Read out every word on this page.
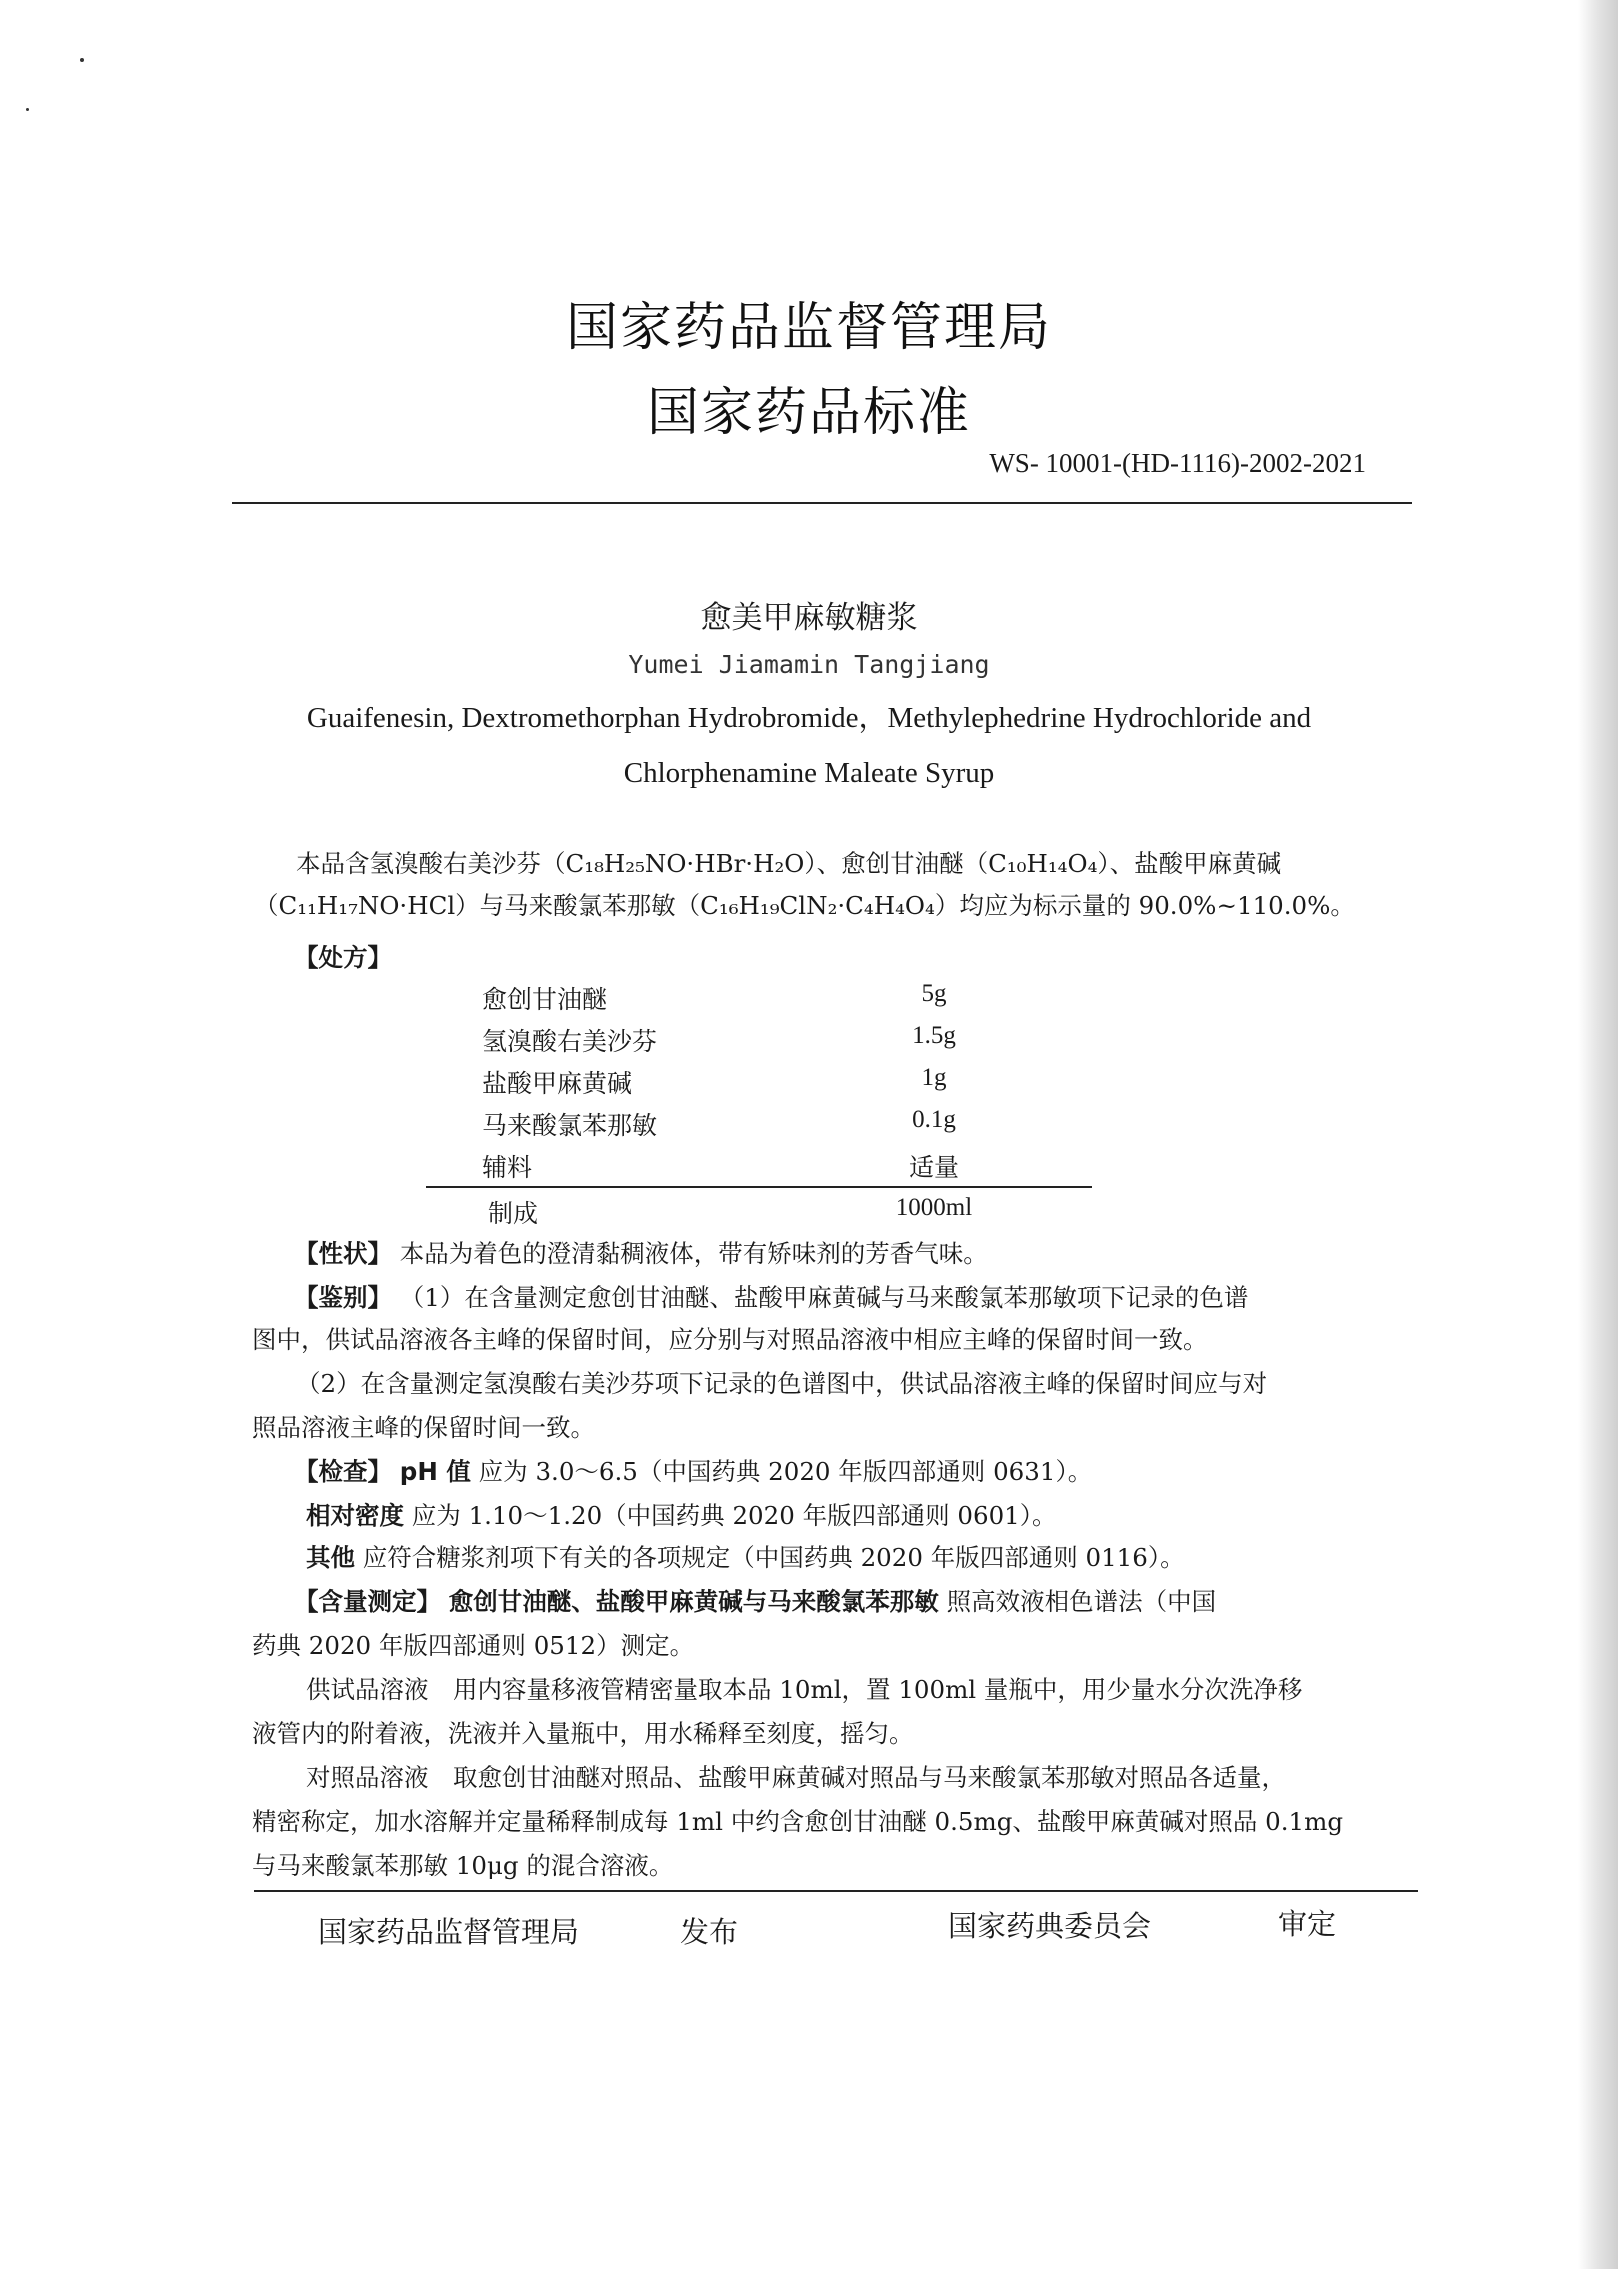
国家药品监督管理局
国家药品标准
WS- 10001-(HD-1116)-2002-2021
愈美甲麻敏糖浆
Yumei Jiamamin Tangjiang
Guaifenesin, Dextromethorphan Hydrobromide，Methylephedrine Hydrochloride and
Chlorphenamine Maleate Syrup
本品含氢溴酸右美沙芬（C₁₈H₂₅NO·HBr·H₂O）、愈创甘油醚（C₁₀H₁₄O₄）、盐酸甲麻黄碱
（C₁₁H₁₇NO·HCl）与马来酸氯苯那敏（C₁₆H₁₉ClN₂·C₄H₄O₄）均应为标示量的 90.0%~110.0%。
【处方】
愈创甘油醚	5g
氢溴酸右美沙芬	1.5g
盐酸甲麻黄碱	1g
马来酸氯苯那敏	0.1g
辅料	适量
制成	1000ml
【性状】 本品为着色的澄清黏稠液体，带有矫味剂的芳香气味。
【鉴别】 （1）在含量测定愈创甘油醚、盐酸甲麻黄碱与马来酸氯苯那敏项下记录的色谱
图中，供试品溶液各主峰的保留时间，应分别与对照品溶液中相应主峰的保留时间一致。
（2）在含量测定氢溴酸右美沙芬项下记录的色谱图中，供试品溶液主峰的保留时间应与对
照品溶液主峰的保留时间一致。
【检查】 pH 值 应为 3.0～6.5（中国药典 2020 年版四部通则 0631）。
相对密度 应为 1.10～1.20（中国药典 2020 年版四部通则 0601）。
其他 应符合糖浆剂项下有关的各项规定（中国药典 2020 年版四部通则 0116）。
【含量测定】 愈创甘油醚、盐酸甲麻黄碱与马来酸氯苯那敏 照高效液相色谱法（中国
药典 2020 年版四部通则 0512）测定。
供试品溶液　用内容量移液管精密量取本品 10ml，置 100ml 量瓶中，用少量水分次洗净移
液管内的附着液，洗液并入量瓶中，用水稀释至刻度，摇匀。
对照品溶液　取愈创甘油醚对照品、盐酸甲麻黄碱对照品与马来酸氯苯那敏对照品各适量，
精密称定，加水溶解并定量稀释制成每 1ml 中约含愈创甘油醚 0.5mg、盐酸甲麻黄碱对照品 0.1mg
与马来酸氯苯那敏 10μg 的混合溶液。
国家药品监督管理局	发布	国家药典委员会	审定
